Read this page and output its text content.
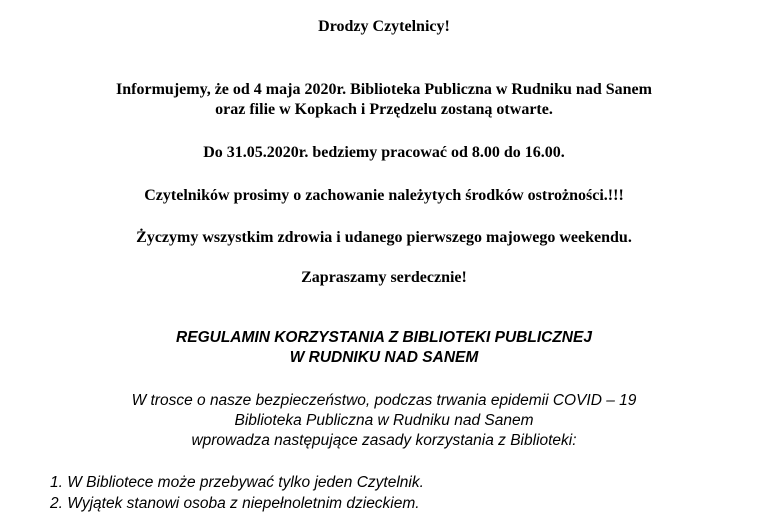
Drodzy Czytelnicy!

Informujemy, że od 4 maja 2020r. Biblioteka Publiczna w Rudniku nad Sanem

oraz filie w Kopkach i Przędzelu zostaną otwarte.

Do 31.05.2020r. bedziemy pracować od 8.00 do 16.00.

Czytelników prosimy o zachowanie należytych środków ostrożności.!!!

Życzymy wszystkim zdrowia i udanego pierwszego majowego weekendu.

Zapraszamy serdecznie!

REGULAMIN KORZYSTANIA Z BIBLIOTEKI PUBLICZNEJ

W RUDNIKU NAD SANEM

W trosce o nasze bezpieczeństwo, podczas trwania epidemii COVID – 19

Biblioteka Publiczna w Rudniku nad Sanem

wprowadza następujące zasady korzystania z Biblioteki:

1. W Bibliotece może przebywać tylko jeden Czytelnik.
2. Wyjątek stanowi osoba z niepełnoletnim dzieckiem.
